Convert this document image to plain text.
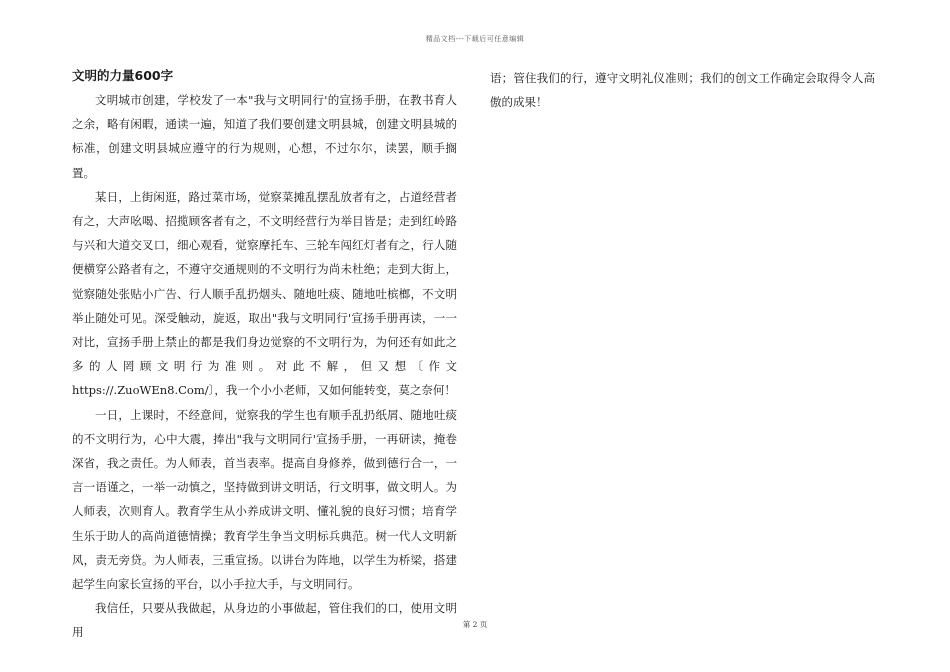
精品文档---下载后可任意编辑
文明的力量600字

文明城市创建，学校发了一本"我与文明同行'的宣扬手册，在教书育人之余，略有闲暇，通读一遍，知道了我们要创建文明县城，创建文明县城的标准，创建文明县城应遵守的行为规则，心想，不过尔尔，读罢，顺手搁置。

某日，上街闲逛，路过菜市场，觉察菜摊乱摆乱放者有之，占道经营者有之，大声吆喝、招揽顾客者有之，不文明经营行为举目皆是；走到红岭路与兴和大道交叉口，细心观看，觉察摩托车、三轮车闯红灯者有之，行人随便横穿公路者有之，不遵守交通规则的不文明行为尚未杜绝；走到大街上，觉察随处张贴小广告、行人顺手乱扔烟头、随地吐痰、随地吐槟榔，不文明举止随处可见。深受触动，旋返，取出"我与文明同行'宣扬手册再读，一一对比，宣扬手册上禁止的都是我们身边觉察的不文明行为，为何还有如此之多的人罔顾文明行为准则。对此不解，但又想〔作文https://.ZuoWEn8.Com/〕，我一个小小老师，又如何能转变，莫之奈何！

一日，上课时，不经意间，觉察我的学生也有顺手乱扔纸屑、随地吐痰的不文明行为，心中大震，捧出"我与文明同行'宣扬手册，一再研读，掩卷深省，我之责任。为人师表，首当表率。提高自身修养，做到德行合一，一言一语谨之，一举一动慎之，坚持做到讲文明话，行文明事，做文明人。为人师表，次则育人。教育学生从小养成讲文明、懂礼貌的良好习惯；培育学生乐于助人的高尚道德情操；教育学生争当文明标兵典范。树一代人文明新风，责无旁贷。为人师表，三重宣扬。以讲台为阵地，以学生为桥梁，搭建起学生向家长宣扬的平台，以小手拉大手，与文明同行。

我信任，只要从我做起，从身边的小事做起，管住我们的口，使用文明用

语；管住我们的行，遵守文明礼仪准则；我们的创文工作确定会取得令人高傲的成果！

第 2 页
